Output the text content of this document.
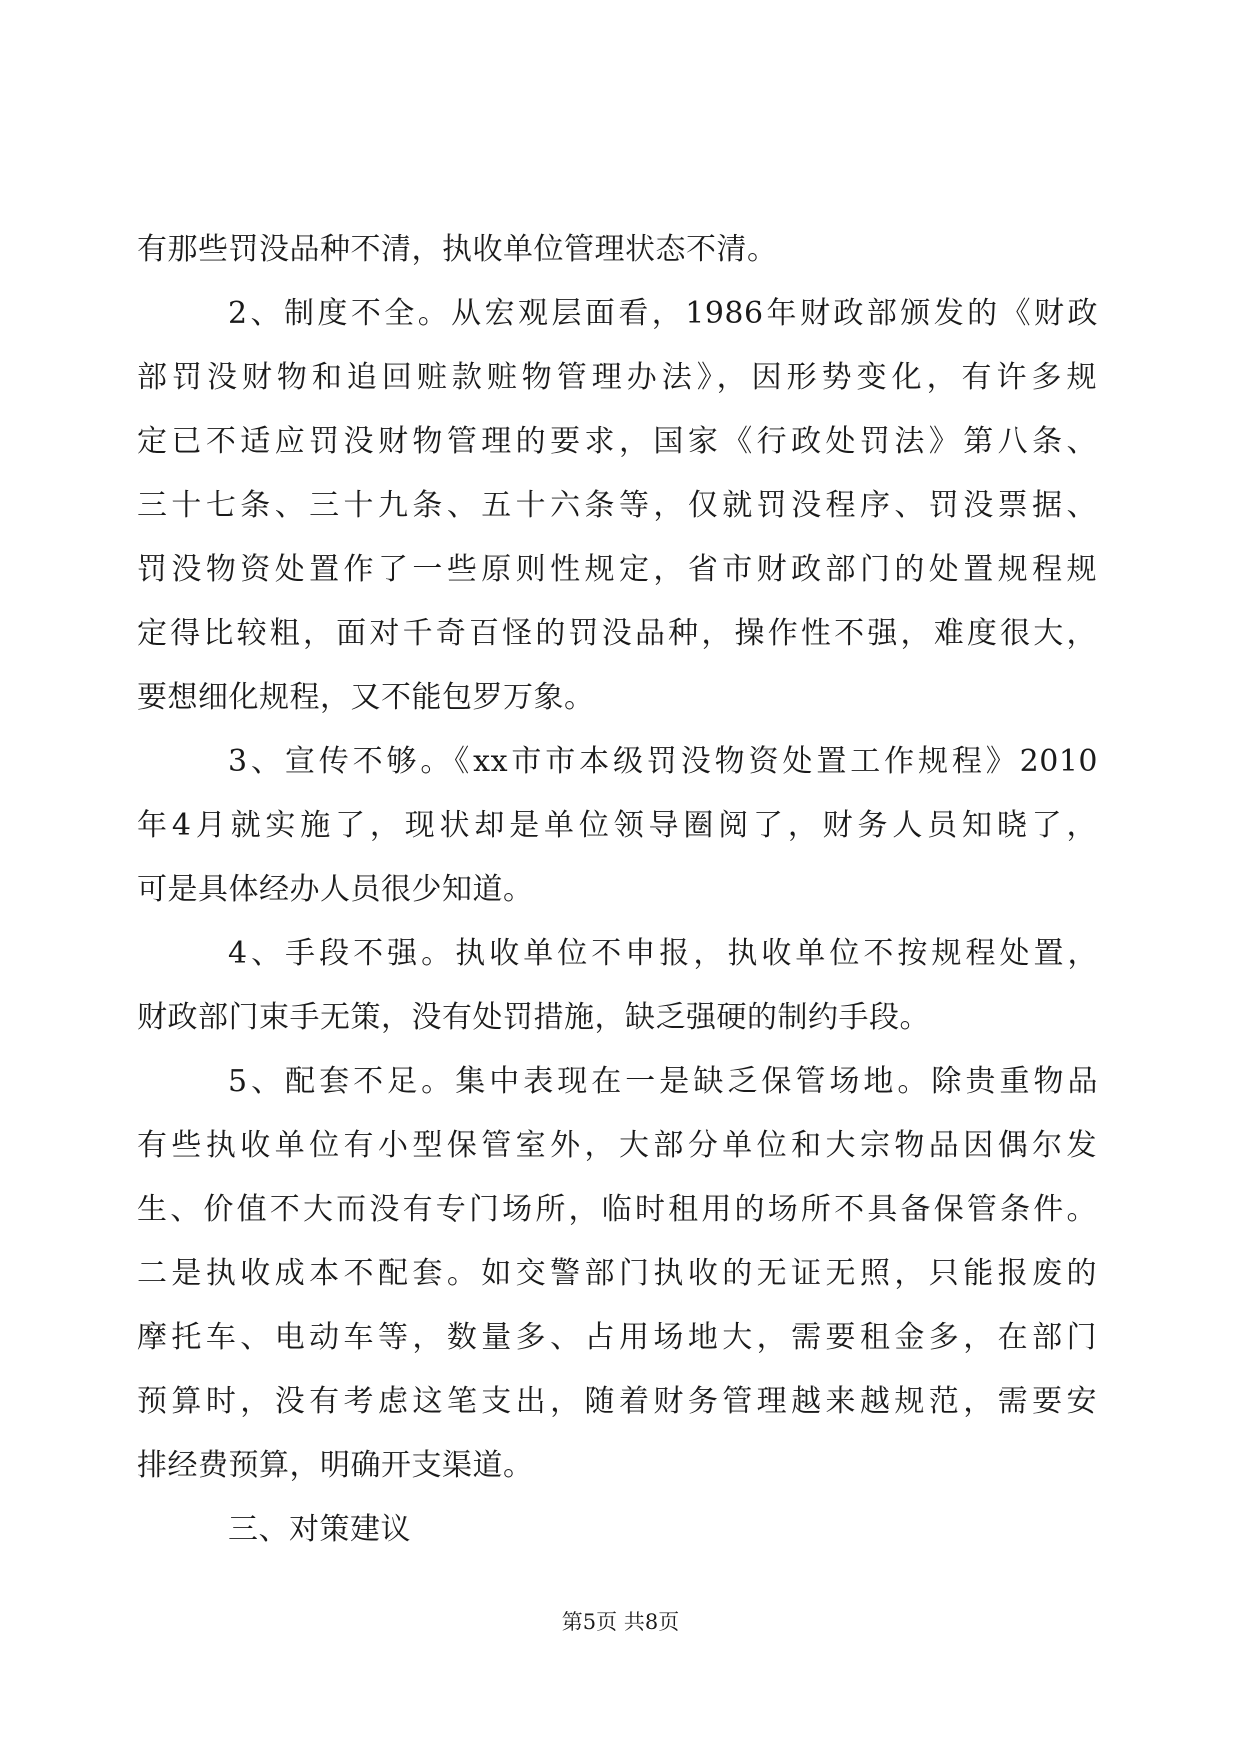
有那些罚没品种不清，执收单位管理状态不清。
2、制度不全。从宏观层面看，1986年财政部颁发的《财政
部罚没财物和追回赃款赃物管理办法》，因形势变化，有许多规
定已不适应罚没财物管理的要求，国家《行政处罚法》第八条、
三十七条、三十九条、五十六条等，仅就罚没程序、罚没票据、
罚没物资处置作了一些原则性规定，省市财政部门的处置规程规
定得比较粗，面对千奇百怪的罚没品种，操作性不强，难度很大，
要想细化规程，又不能包罗万象。
3、宣传不够。《xx市市本级罚没物资处置工作规程》2010
年4月就实施了，现状却是单位领导圈阅了，财务人员知晓了，
可是具体经办人员很少知道。
4、手段不强。执收单位不申报，执收单位不按规程处置，
财政部门束手无策，没有处罚措施，缺乏强硬的制约手段。
5、配套不足。集中表现在一是缺乏保管场地。除贵重物品
有些执收单位有小型保管室外，大部分单位和大宗物品因偶尔发
生、价值不大而没有专门场所，临时租用的场所不具备保管条件。
二是执收成本不配套。如交警部门执收的无证无照，只能报废的
摩托车、电动车等，数量多、占用场地大，需要租金多，在部门
预算时，没有考虑这笔支出，随着财务管理越来越规范，需要安
排经费预算，明确开支渠道。
三、对策建议
第5页 共8页
